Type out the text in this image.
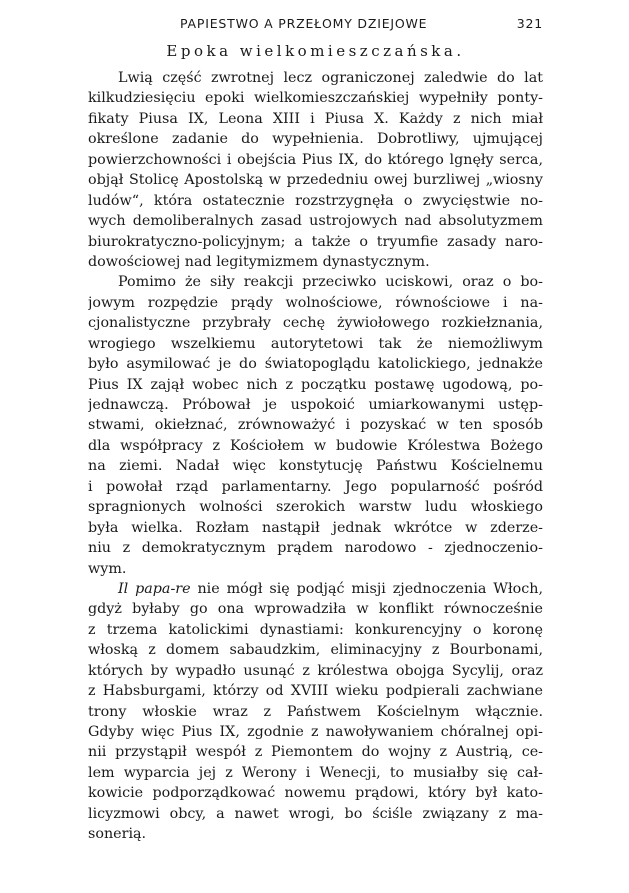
PAPIESTWO A PRZEŁOMY DZIEJOWE	321
Epoka wielkomieszczańska.
Lwią część zwrotnej lecz ograniczonej zaledwie do lat
kilkudziesięciu epoki wielkomieszczańskiej wypełniły ponty-
fikaty Piusa IX, Leona XIII i Piusa X. Każdy z nich miał
określone zadanie do wypełnienia. Dobrotliwy, ujmującej
powierzchowności i obejścia Pius IX, do którego lgnęły serca,
objął Stolicę Apostolską w przededniu owej burzliwej „wiosny
ludów“, która ostatecznie rozstrzygnęła o zwycięstwie no-
wych demoliberalnych zasad ustrojowych nad absolutyzmem
biurokratyczno-policyjnym; a także o tryumfie zasady naro-
dowościowej nad legitymizmem dynastycznym.
Pomimo że siły reakcji przeciwko uciskowi, oraz o bo-
jowym rozpędzie prądy wolnościowe, równościowe i na-
cjonalistyczne przybrały cechę żywiołowego rozkiełznania,
wrogiego wszelkiemu autorytetowi tak że niemożliwym
było asymilować je do światopoglądu katolickiego, jednakże
Pius IX zajął wobec nich z początku postawę ugodową, po-
jednawczą. Próbował je uspokoić umiarkowanymi ustęp-
stwami, okiełznać, zrównoważyć i pozyskać w ten sposób
dla współpracy z Kościołem w budowie Królestwa Bożego
na ziemi. Nadał więc konstytucję Państwu Kościelnemu
i powołał rząd parlamentarny. Jego popularność pośród
spragnionych wolności szerokich warstw ludu włoskiego
była wielka. Rozłam nastąpił jednak wkrótce w zderze-
niu z demokratycznym prądem narodowo - zjednoczenio-
wym.
Il papa-re nie mógł się podjąć misji zjednoczenia Włoch,
gdyż byłaby go ona wprowadziła w konflikt równocześnie
z trzema katolickimi dynastiami: konkurencyjny o koronę
włoską z domem sabaudzkim, eliminacyjny z Bourbonami,
których by wypadło usunąć z królestwa obojga Sycylij, oraz
z Habsburgami, którzy od XVIII wieku podpierali zachwiane
trony włoskie wraz z Państwem Kościelnym włącznie.
Gdyby więc Pius IX, zgodnie z nawoływaniem chóralnej opi-
nii przystąpił wespół z Piemontem do wojny z Austrią, ce-
lem wyparcia jej z Werony i Wenecji, to musiałby się cał-
kowicie podporządkować nowemu prądowi, który był kato-
licyzmowi obcy, a nawet wrogi, bo ściśle związany z ma-
sonerią.
